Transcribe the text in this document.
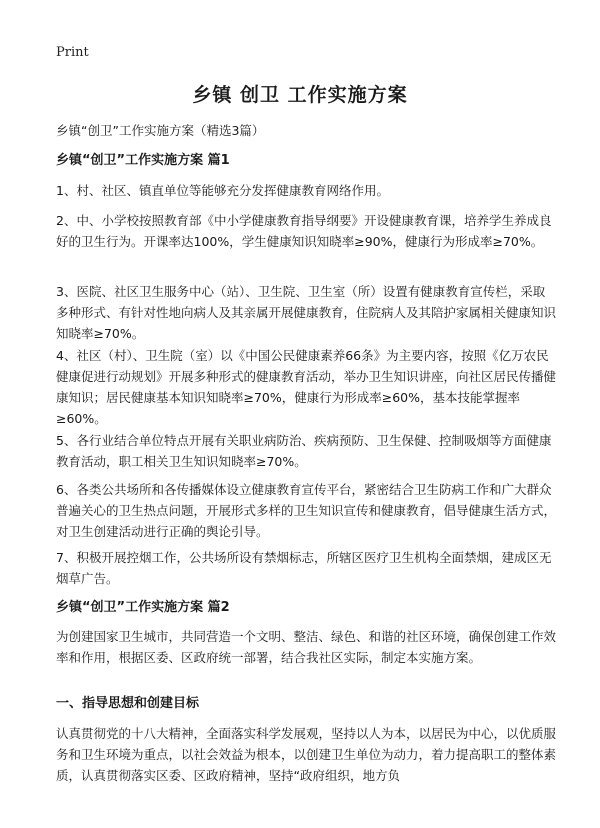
Print
乡镇 创卫 工作实施方案
乡镇“创卫”工作实施方案（精选3篇）
乡镇“创卫”工作实施方案 篇1
1、村、社区、镇直单位等能够充分发挥健康教育网络作用。
2、中、小学校按照教育部《中小学健康教育指导纲要》开设健康教育课，培养学生养成良好的卫生行为。开课率达100%，学生健康知识知晓率≥90%，健康行为形成率≥70%。
3、医院、社区卫生服务中心（站）、卫生院、卫生室（所）设置有健康教育宣传栏，采取多种形式、有针对性地向病人及其亲属开展健康教育，住院病人及其陪护家属相关健康知识知晓率≥70%。
4、社区（村）、卫生院（室）以《中国公民健康素养66条》为主要内容，按照《亿万农民健康促进行动规划》开展多种形式的健康教育活动，举办卫生知识讲座，向社区居民传播健康知识；居民健康基本知识知晓率≥70%，健康行为形成率≥60%，基本技能掌握率≥60%。
5、各行业结合单位特点开展有关职业病防治、疾病预防、卫生保健、控制吸烟等方面健康教育活动，职工相关卫生知识知晓率≥70%。
6、各类公共场所和各传播媒体设立健康教育宣传平台，紧密结合卫生防病工作和广大群众普遍关心的卫生热点问题，开展形式多样的卫生知识宣传和健康教育，倡导健康生活方式，对卫生创建活动进行正确的舆论引导。
7、积极开展控烟工作，公共场所设有禁烟标志，所辖区医疗卫生机构全面禁烟，建成区无烟草广告。
乡镇“创卫”工作实施方案 篇2
为创建国家卫生城市，共同营造一个文明、整洁、绿色、和谐的社区环境，确保创建工作效率和作用，根据区委、区政府统一部署，结合我社区实际，制定本实施方案。
一、指导思想和创建目标
认真贯彻党的十八大精神，全面落实科学发展观，坚持以人为本，以居民为中心，以优质服务和卫生环境为重点，以社会效益为根本，以创建卫生单位为动力，着力提高职工的整体素质，认真贯彻落实区委、区政府精神，坚持“政府组织，地方负
